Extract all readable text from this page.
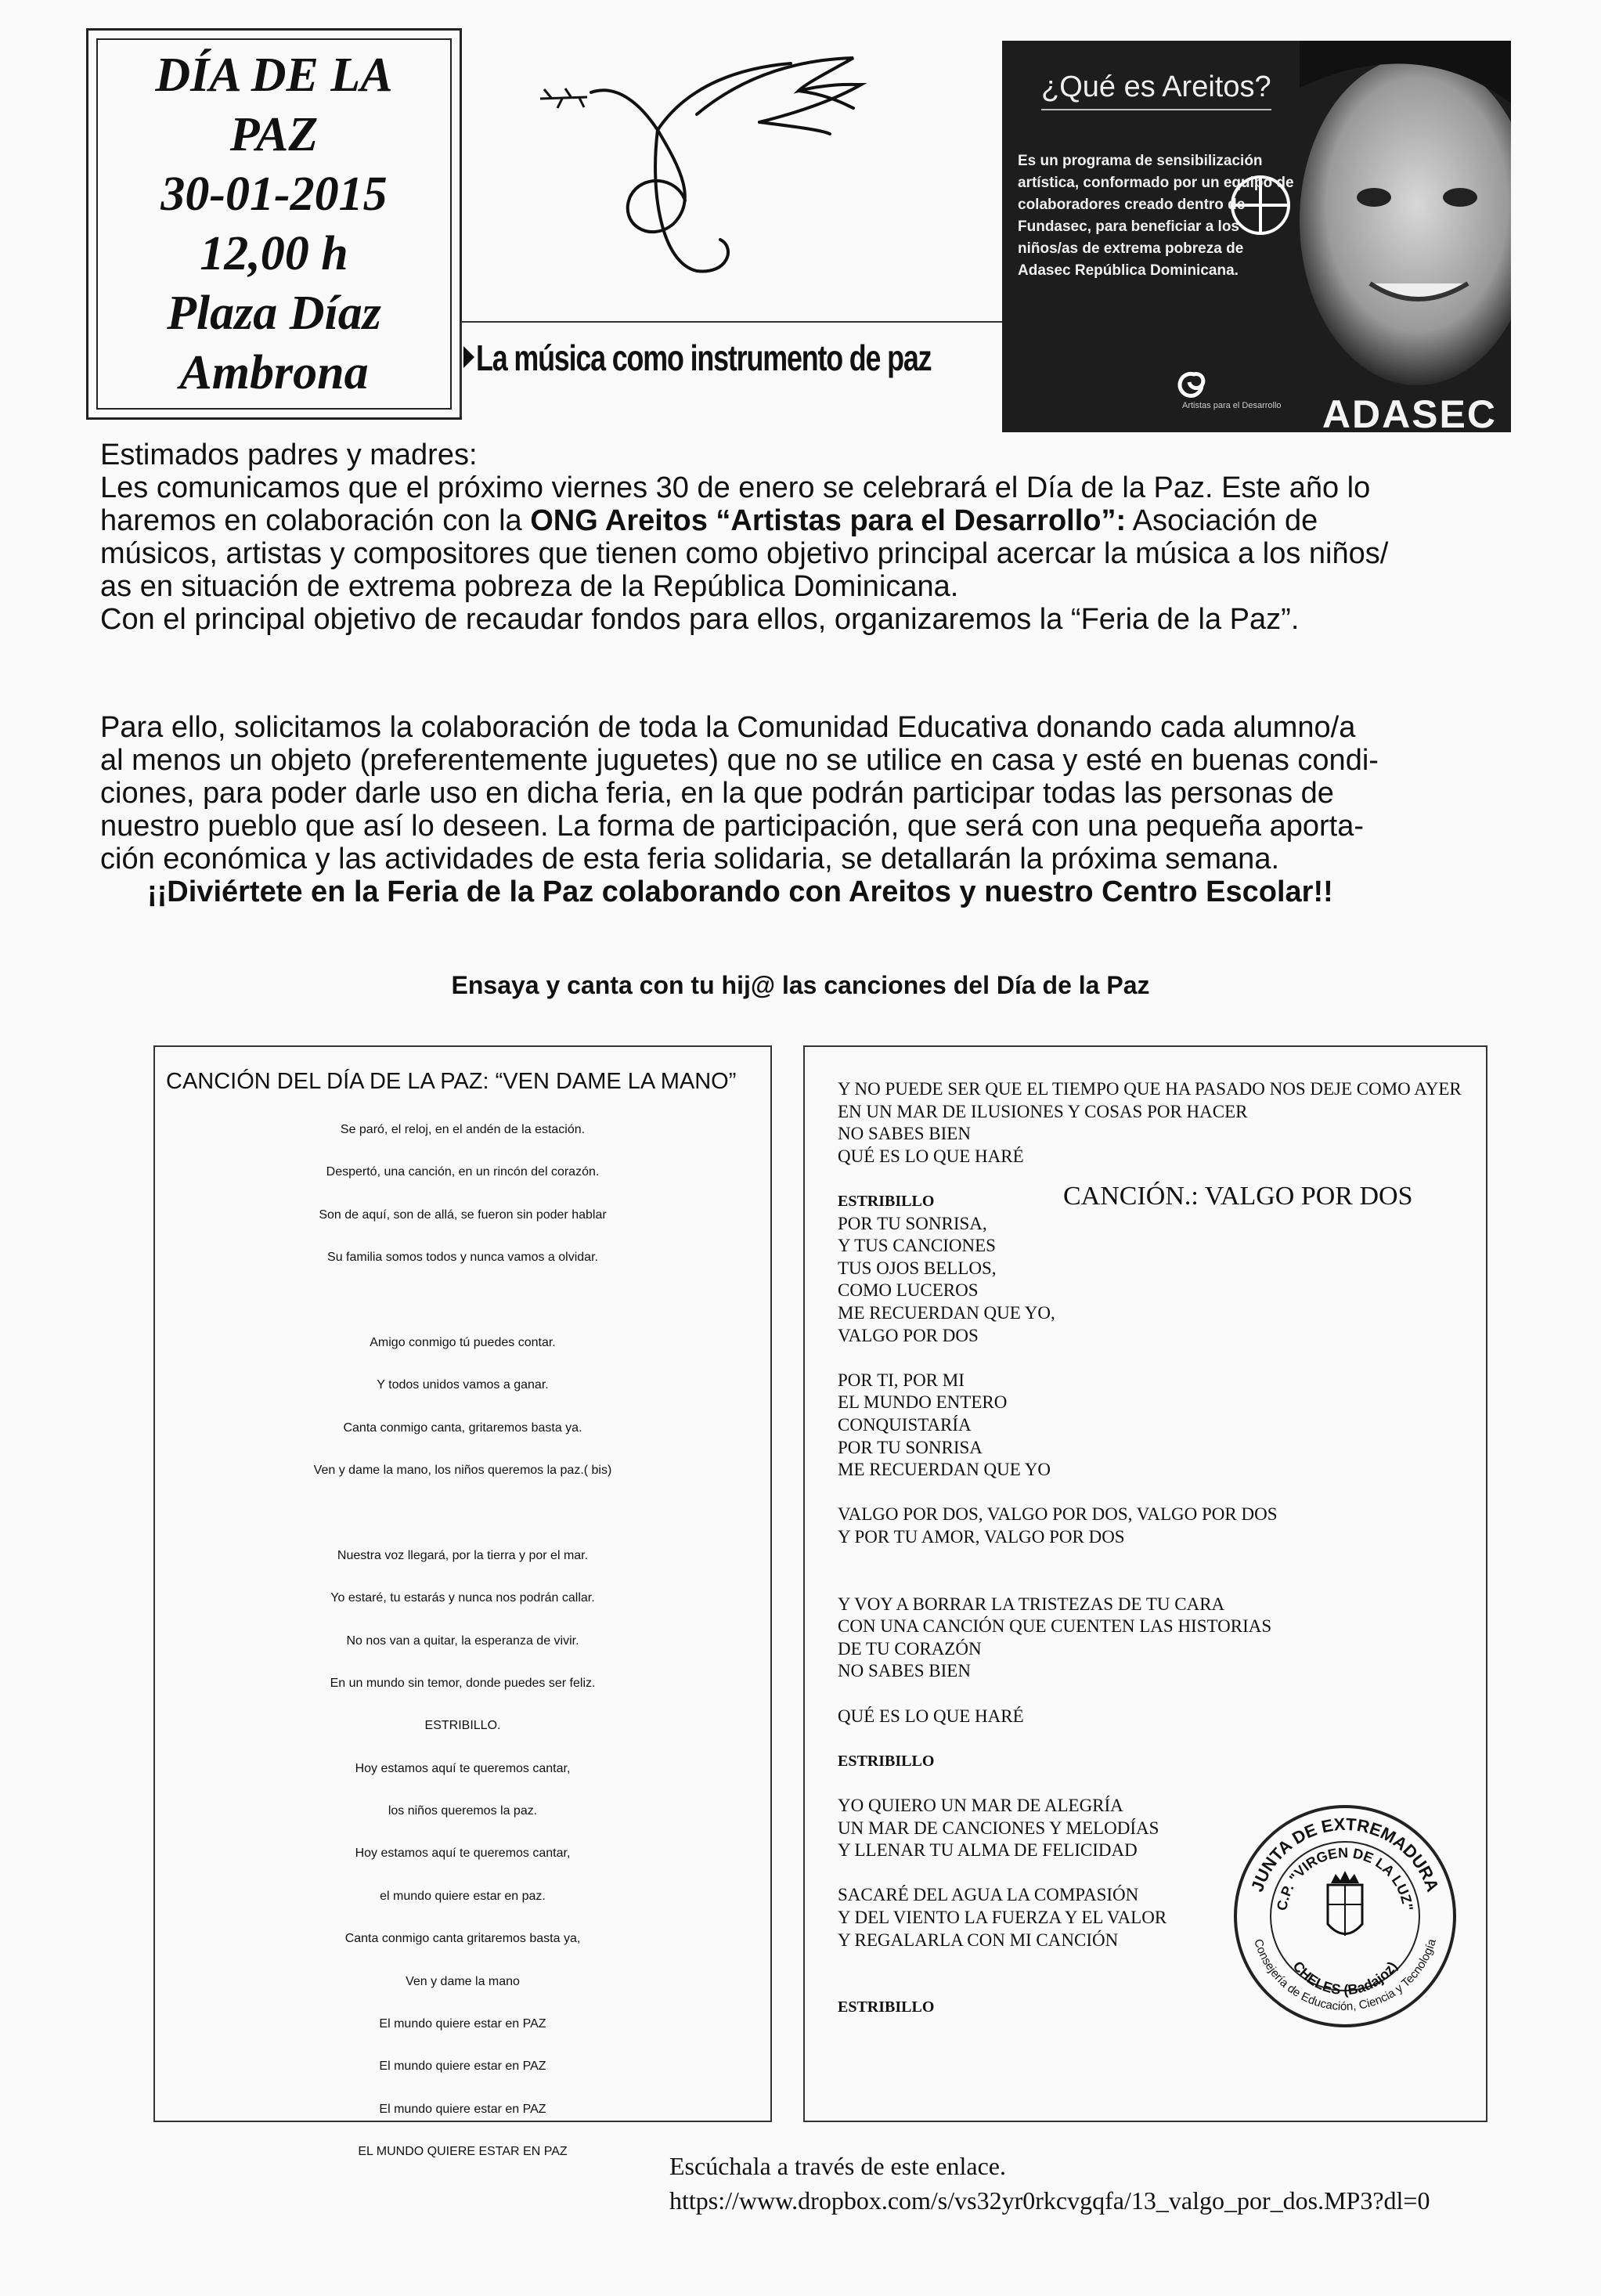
DÍA DE LA
PAZ
30-01-2015
12,00 h
Plaza Díaz
Ambrona	La música como instrumento de paz
¿Qué es Areitos?
Es un programa de sensibilización artística, conformado por un equipo de colaboradores creado dentro de Fundasec, para beneficiar a los niños/as de extrema pobreza de Adasec República Dominicana.
Artistas para el Desarrollo ADASEC
Estimados padres y madres:
Les comunicamos que el próximo viernes 30 de enero se celebrará el Día de la Paz. Este año lo
haremos en colaboración con la ONG Areitos “Artistas para el Desarrollo”: Asociación de
músicos, artistas y compositores que tienen como objetivo principal acercar la música a los niños/
as en situación de extrema pobreza de la República Dominicana.
Con el principal objetivo de recaudar fondos para ellos, organizaremos la “Feria de la Paz”.
Para ello, solicitamos la colaboración de toda la Comunidad Educativa donando cada alumno/a
al menos un objeto (preferentemente juguetes) que no se utilice en casa y esté en buenas condi-
ciones, para poder darle uso en dicha feria, en la que podrán participar todas las personas de
nuestro pueblo que así lo deseen. La forma de participación, que será con una pequeña aporta-
ción económica y las actividades de esta feria solidaria, se detallarán la próxima semana.
¡¡Diviértete en la Feria de la Paz colaborando con Areitos y nuestro Centro Escolar!!
Ensaya y canta con tu hij@ las canciones del Día de la Paz
CANCIÓN DEL DÍA DE LA PAZ: “VEN DAME LA MANO”
Se paró, el reloj, en el andén de la estación.
Despertó, una canción, en un rincón del corazón.
Son de aquí, son de allá, se fueron sin poder hablar
Su familia somos todos y nunca vamos a olvidar.
Amigo conmigo tú puedes contar.
Y todos unidos vamos a ganar.
Canta conmigo canta, gritaremos basta ya.
Ven y dame la mano, los niños queremos la paz.( bis)
Nuestra voz llegará, por la tierra y por el mar.
Yo estaré, tu estarás y nunca nos podrán callar.
No nos van a quitar, la esperanza de vivir.
En un mundo sin temor, donde puedes ser feliz.
ESTRIBILLO.
Hoy estamos aquí te queremos cantar,
los niños queremos la paz.
Hoy estamos aquí te queremos cantar,
el mundo quiere estar en paz.
Canta conmigo canta gritaremos basta ya,
Ven y dame la mano
El mundo quiere estar en PAZ
El mundo quiere estar en PAZ
El mundo quiere estar en PAZ
EL MUNDO QUIERE ESTAR EN PAZ
Y NO PUEDE SER QUE EL TIEMPO QUE HA PASADO NOS DEJE COMO AYER
EN UN MAR DE ILUSIONES Y COSAS POR HACER
NO SABES BIEN
QUÉ ES LO QUE HARÉ
ESTRIBILLO
POR TU SONRISA,
Y TUS CANCIONES
TUS OJOS BELLOS,
COMO LUCEROS
ME RECUERDAN QUE YO,
VALGO POR DOS
POR TI, POR MI
EL MUNDO ENTERO
CONQUISTARÍA
POR TU SONRISA
ME RECUERDAN QUE YO
VALGO POR DOS, VALGO POR DOS, VALGO POR DOS
Y POR TU AMOR, VALGO POR DOS
Y VOY A BORRAR LA TRISTEZAS DE TU CARA
CON UNA CANCIÓN QUE CUENTEN LAS HISTORIAS
DE TU CORAZÓN
NO SABES BIEN
QUÉ ES LO QUE HARÉ
ESTRIBILLO
YO QUIERO UN MAR DE ALEGRÍA
UN MAR DE CANCIONES Y MELODÍAS
Y LLENAR TU ALMA DE FELICIDAD
SACARÉ DEL AGUA LA COMPASIÓN
Y DEL VIENTO LA FUERZA Y EL VALOR
Y REGALARLA CON MI CANCIÓN
ESTRIBILLO
CANCIÓN.: VALGO POR DOS
JUNTA DE EXTREMADURA
C.P. "VIRGEN DE LA LUZ"
Consejería de Educación, Ciencia y Tecnología
CHELES (Badajoz)
Escúchala a través de este enlace.
https://www.dropbox.com/s/vs32yr0rkcvgqfa/13_valgo_por_dos.MP3?dl=0
